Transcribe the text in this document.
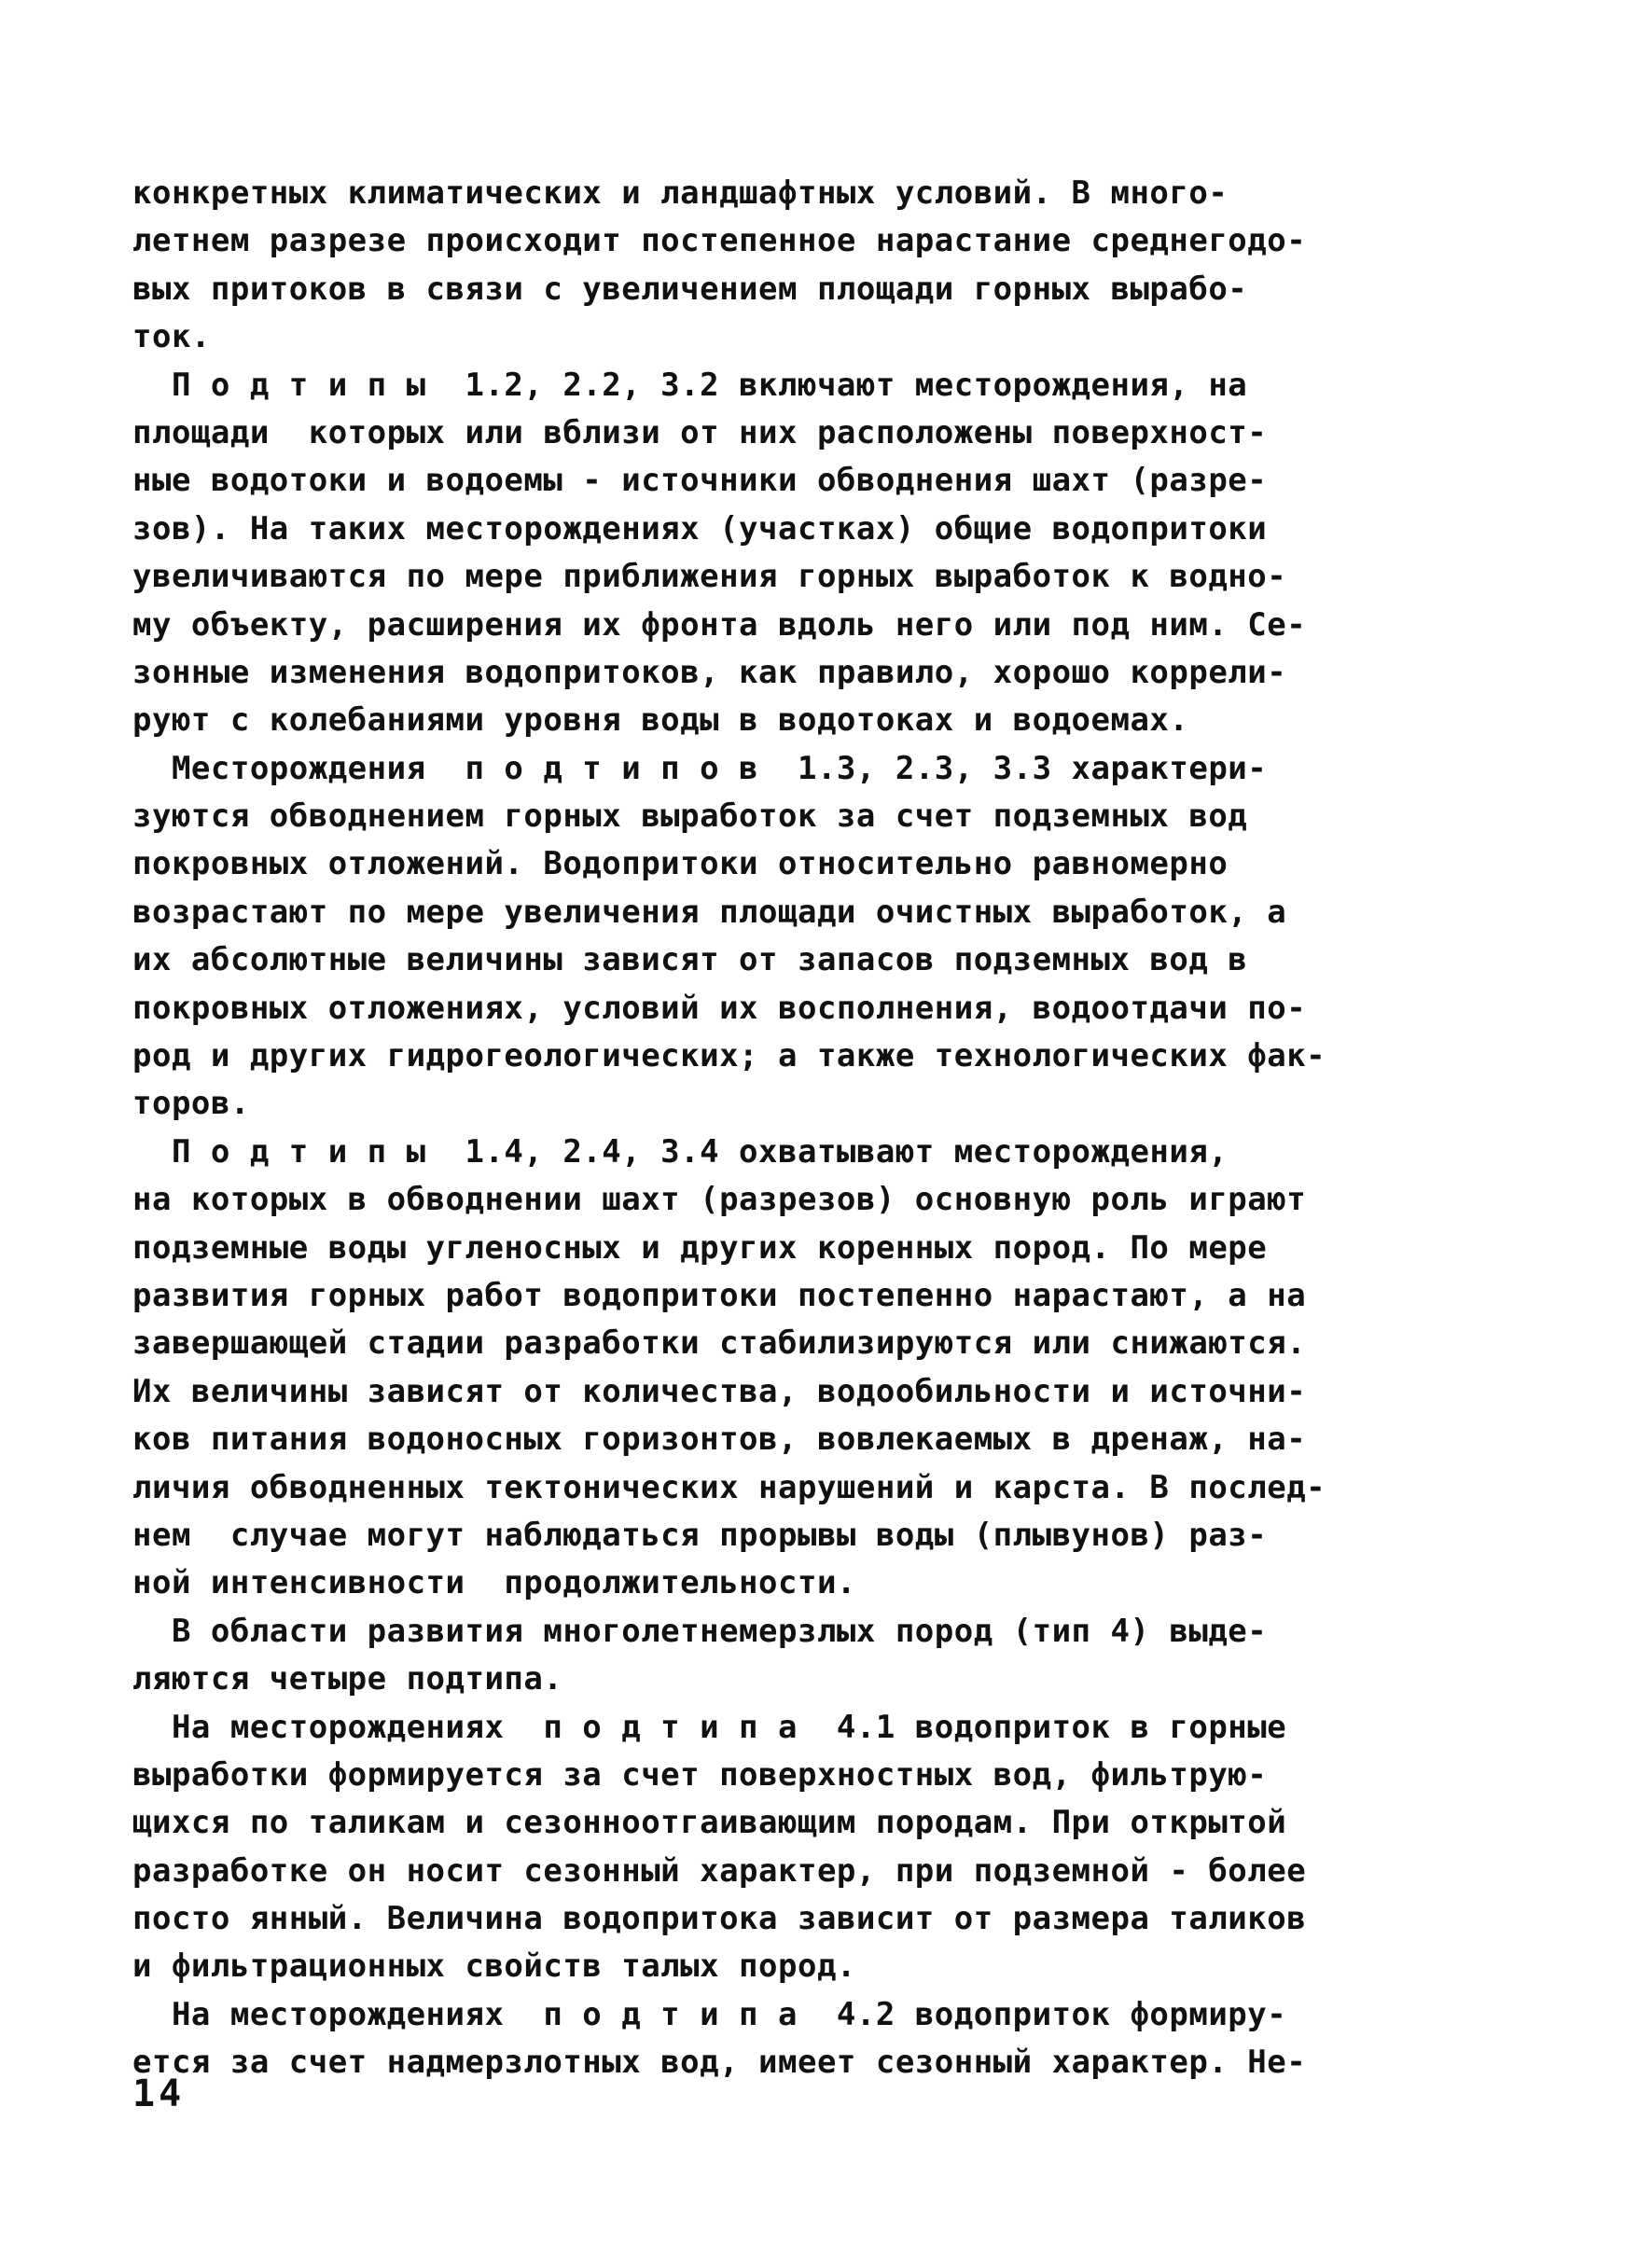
конкретных климатических и ландшафтных условий. В много-
летнем разрезе происходит постепенное нарастание среднегодо-
вых притоков в связи с увеличением площади горных вырабо-
ток.
П о д т и п ы  1.2, 2.2, 3.2 включают месторождения, на
площади  которых или вблизи от них расположены поверхност-
ные водотоки и водоемы - источники обводнения шахт (разре-
зов). На таких месторождениях (участках) общие водопритоки
увеличиваются по мере приближения горных выработок к водно-
му объекту, расширения их фронта вдоль него или под ним. Се-
зонные изменения водопритоков, как правило, хорошо коррели-
руют с колебаниями уровня воды в водотоках и водоемах.
Месторождения  п о д т и п о в  1.3, 2.3, 3.3 характери-
зуются обводнением горных выработок за счет подземных вод
покровных отложений. Водопритоки относительно равномерно
возрастают по мере увеличения площади очистных выработок, а
их абсолютные величины зависят от запасов подземных вод в
покровных отложениях, условий их восполнения, водоотдачи по-
род и других гидрогеологических; а также технологических фак-
торов.
П о д т и п ы  1.4, 2.4, 3.4 охватывают месторождения,
на которых в обводнении шахт (разрезов) основную роль играют
подземные воды угленосных и других коренных пород. По мере
развития горных работ водопритоки постепенно нарастают, а на
завершающей стадии разработки стабилизируются или снижаются.
Их величины зависят от количества, водообильности и источни-
ков питания водоносных горизонтов, вовлекаемых в дренаж, на-
личия обводненных тектонических нарушений и карста. В послед-
нем  случае могут наблюдаться прорывы воды (плывунов) раз-
ной интенсивности  продолжительности.
В области развития многолетнемерзлых пород (тип 4) выде-
ляются четыре подтипа.
На месторождениях  п о д т и п а  4.1 водоприток в горные
выработки формируется за счет поверхностных вод, фильтрую-
щихся по таликам и сезонноотгаивающим породам. При открытой
разработке он носит сезонный характер, при подземной - более
посто янный. Величина водопритока зависит от размера таликов
и фильтрационных свойств талых пород.
На месторождениях  п о д т и п а  4.2 водоприток формиру-
ется за счет надмерзлотных вод, имеет сезонный характер. Не-
14
